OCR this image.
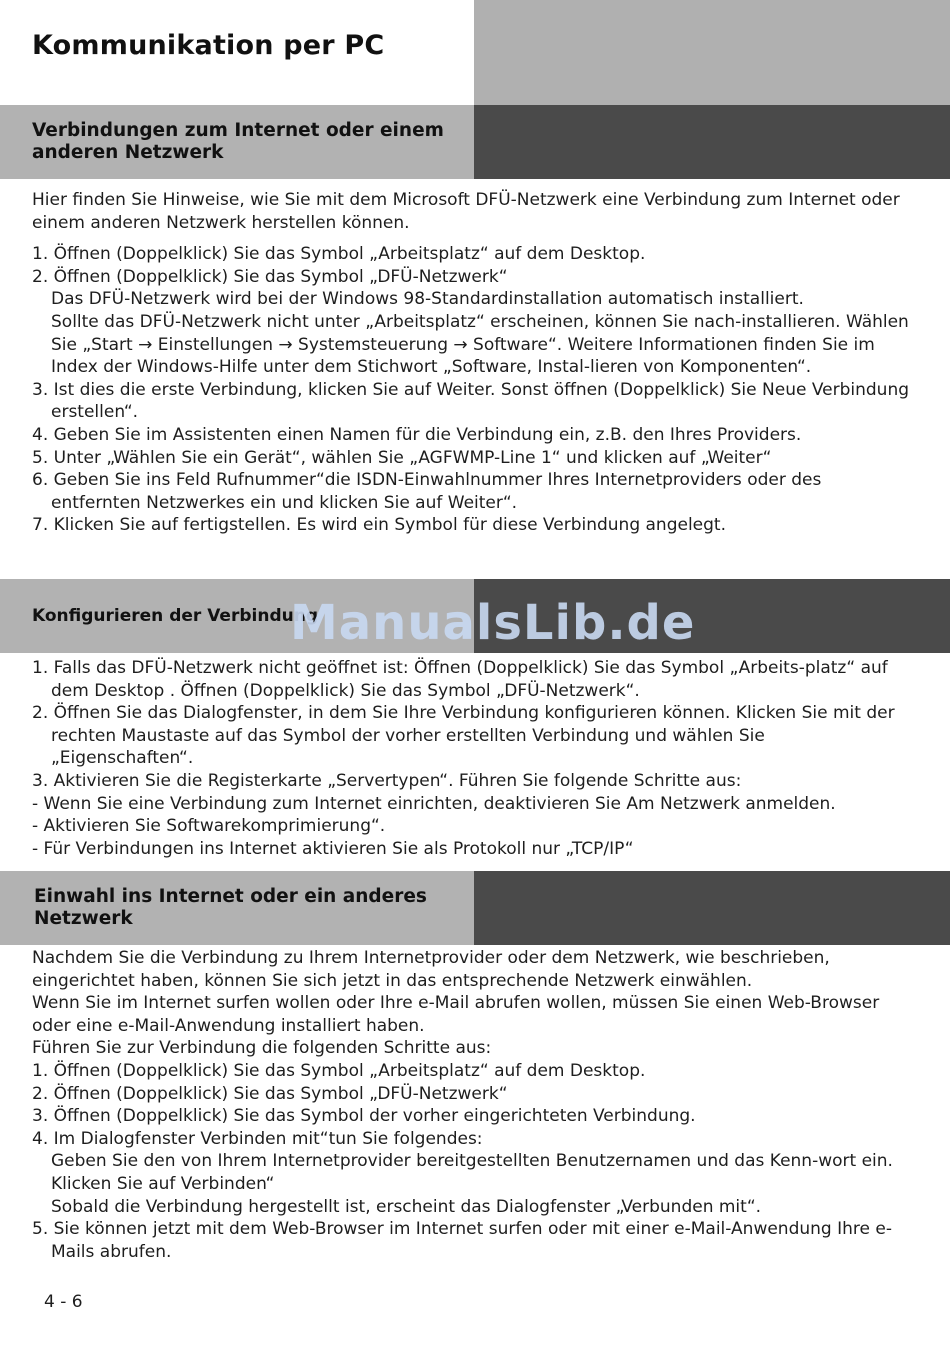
Kommunikation per PC
Verbindungen zum Internet oder einem
anderen Netzwerk

Hier finden Sie Hinweise, wie Sie mit dem Microsoft DFÜ-Netzwerk eine Verbindung zum Internet oder einem anderen Netzwerk herstellen können.

1. Öffnen (Doppelklick) Sie das Symbol „Arbeitsplatz“ auf dem Desktop.

2. Öffnen (Doppelklick) Sie das Symbol „DFÜ-Netzwerk“

Das DFÜ-Netzwerk wird bei der Windows 98-Standardinstallation automatisch installiert.

Sollte das DFÜ-Netzwerk nicht unter „Arbeitsplatz“ erscheinen, können Sie nach-installieren. Wählen Sie „Start → Einstellungen → Systemsteuerung → Software“. Weitere Informationen finden Sie im Index der Windows-Hilfe unter dem Stichwort „Software, Instal-lieren von Komponenten“.

3. Ist dies die erste Verbindung, klicken Sie auf Weiter. Sonst öffnen (Doppelklick) Sie Neue Verbindung erstellen“.

4. Geben Sie im Assistenten einen Namen für die Verbindung ein, z.B. den Ihres Providers.

5. Unter „Wählen Sie ein Gerät“, wählen Sie „AGFWMP-Line 1“ und klicken auf „Weiter“

6. Geben Sie ins Feld Rufnummer“die ISDN-Einwahlnummer Ihres Internetproviders oder des entfernten Netzwerkes ein und klicken Sie auf Weiter“.

7. Klicken Sie auf fertigstellen. Es wird ein Symbol für diese Verbindung angelegt.

Konfigurieren der Verbindung

1. Falls das DFÜ-Netzwerk nicht geöffnet ist: Öffnen (Doppelklick) Sie das Symbol „Arbeits-platz“ auf dem Desktop . Öffnen (Doppelklick) Sie das Symbol „DFÜ-Netzwerk“.

2. Öffnen Sie das Dialogfenster, in dem Sie Ihre Verbindung konfigurieren können. Klicken Sie mit der rechten Maustaste auf das Symbol der vorher erstellten Verbindung und wählen Sie „Eigenschaften“.

3. Aktivieren Sie die Registerkarte „Servertypen“. Führen Sie folgende Schritte aus:

- Wenn Sie eine Verbindung zum Internet einrichten, deaktivieren Sie Am Netzwerk anmelden.

- Aktivieren Sie Softwarekomprimierung“.

- Für Verbindungen ins Internet aktivieren Sie als Protokoll nur „TCP/IP“

Einwahl ins Internet oder ein anderes
Netzwerk

Nachdem Sie die Verbindung zu Ihrem Internetprovider oder dem Netzwerk, wie beschrieben, eingerichtet haben, können Sie sich jetzt in das entsprechende Netzwerk einwählen.

Wenn Sie im Internet surfen wollen oder Ihre e-Mail abrufen wollen, müssen Sie einen Web-Browser oder eine e-Mail-Anwendung installiert haben.

Führen Sie zur Verbindung die folgenden Schritte aus:

1. Öffnen (Doppelklick) Sie das Symbol „Arbeitsplatz“ auf dem Desktop.

2. Öffnen (Doppelklick) Sie das Symbol „DFÜ-Netzwerk“

3. Öffnen (Doppelklick) Sie das Symbol der vorher eingerichteten Verbindung.

4. Im Dialogfenster Verbinden mit“tun Sie folgendes:

Geben Sie den von Ihrem Internetprovider bereitgestellten Benutzernamen und das Kenn-wort ein. Klicken Sie auf Verbinden“

Sobald die Verbindung hergestellt ist, erscheint das Dialogfenster „Verbunden mit“.

5. Sie können jetzt mit dem Web-Browser im Internet surfen oder mit einer e-Mail-Anwendung Ihre e-Mails abrufen.

ManualsLib.de
4 - 6
